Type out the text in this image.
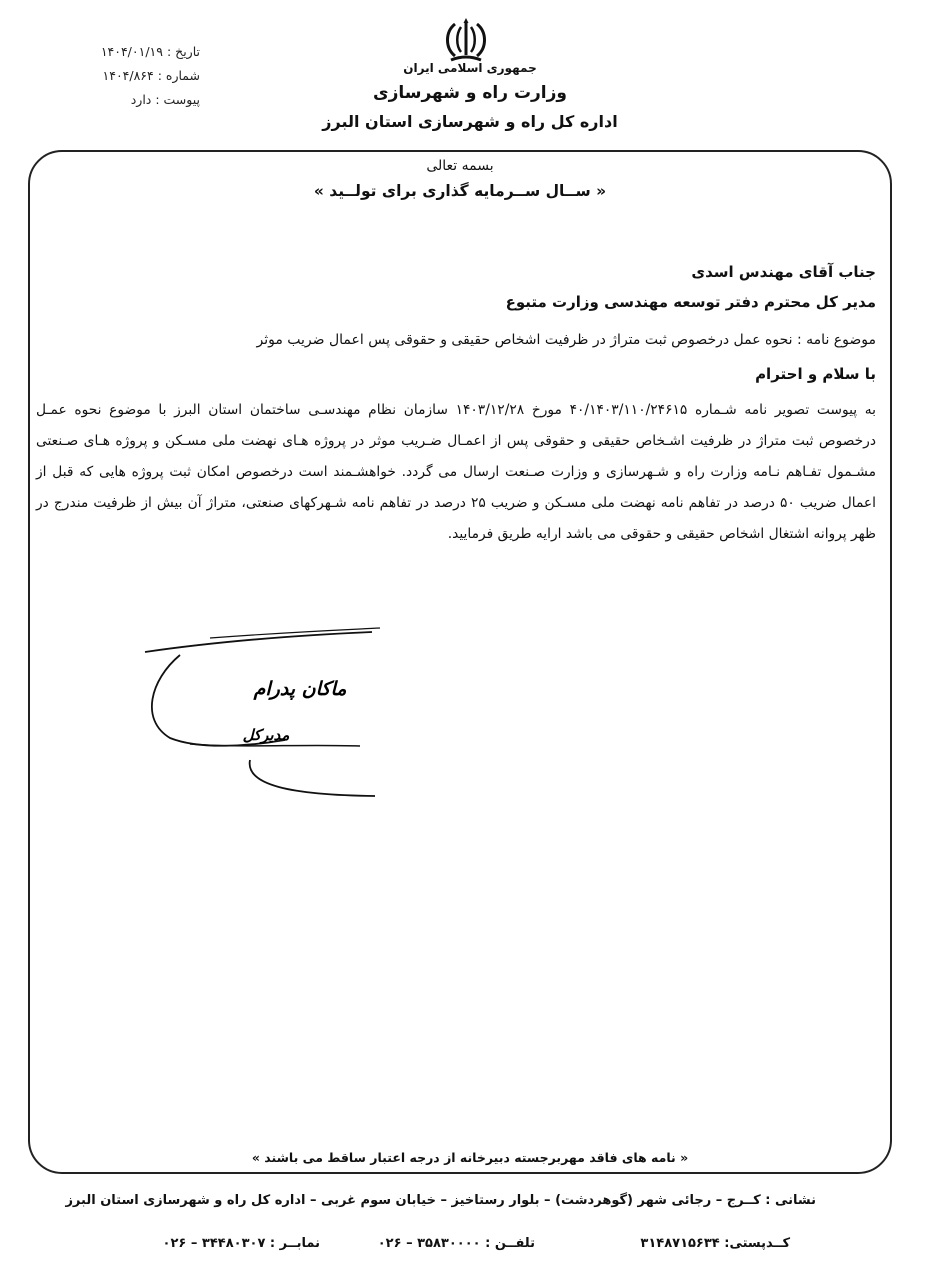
تاریخ : ۱۴۰۴/۰۱/۱۹
شماره : ۱۴۰۴/۸۶۴
پیوست : دارد
جمهوری اسلامی ایران
وزارت راه و شهرسازی
اداره کل راه و شهرسازی استان البرز
بسمه تعالی
« ســال ســرمایه گذاری برای تولــید »
جناب آقای مهندس اسدی
مدیر کل محترم دفتر توسعه مهندسی وزارت متبوع
موضوع نامه : نحوه عمل درخصوص ثبت متراژ در ظرفیت اشخاص حقیقی و حقوقی پس اعمال ضریب موثر
با سلام و احترام
به پیوست تصویر نامه شـماره ۴۰/۱۴۰۳/۱۱۰/۲۴۶۱۵ مورخ ۱۴۰۳/۱۲/۲۸ سازمان نظام مهندسـی ساختمان استان البرز با موضوع نحوه عمـل درخصوص ثبت متراژ در ظرفیت اشـخاص حقیقی و حقوقی پس از اعمـال ضـریب موثر در پروژه هـای نهضت ملی مسـکن و پروژه هـای صـنعتی مشـمول تفـاهم نـامه وزارت راه و شـهرسازی و وزارت صـنعت ارسال می گردد. خواهشـمند است درخصوص امکان ثبت پروژه هایی که قبل از اعمال ضریب ۵۰ درصد در تفاهم نامه نهضت ملی مسـکن و ضریب ۲۵ درصد در تفاهم نامه شـهرکهای صنعتی، متراژ آن بیش از ظرفیت مندرج در ظهر پروانه اشتغال اشخاص حقیقی و حقوقی می باشد ارایه طریق فرمایید.
ماکان پدرام
مدیرکل
« نامه های فاقد مهربرجسته دبیرخانه از درجه اعتبار ساقط می باشند »
نشانی : کــرج – رجائی شهر (گوهردشت) – بلوار رستاخیز – خیابان سوم غربی – اداره کل راه و شهرسازی استان البرز
کــدپستی: ۳۱۴۸۷۱۵۶۳۴
تلفــن : ۳۵۸۳۰۰۰۰ – ۰۲۶
نمابــر : ۳۴۴۸۰۳۰۷ – ۰۲۶
